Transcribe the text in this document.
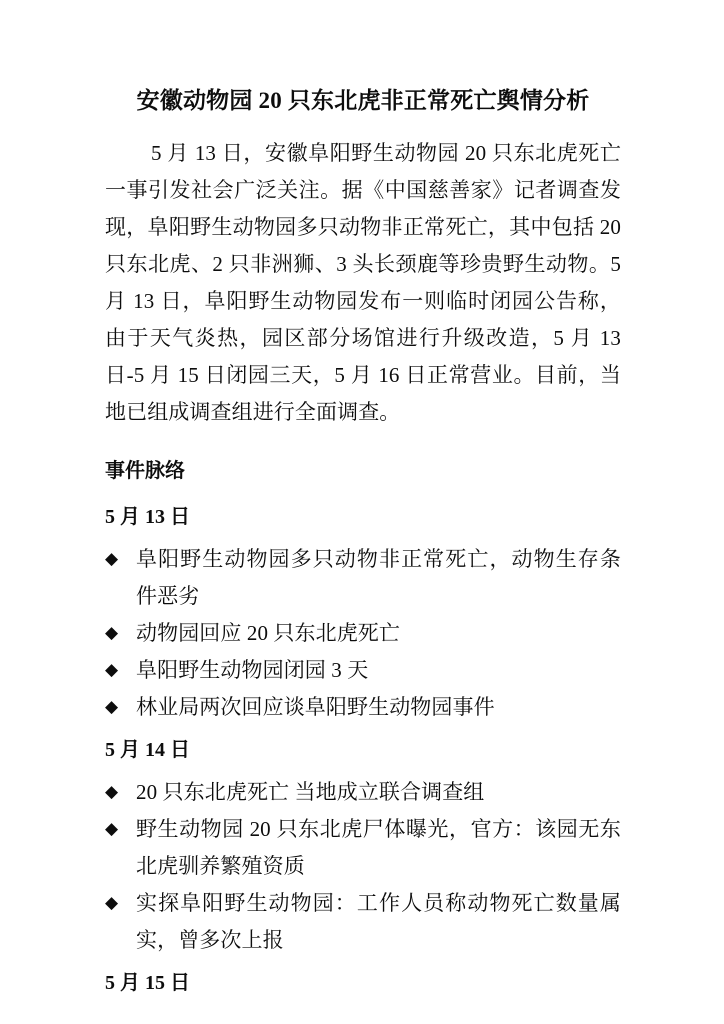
安徽动物园 20 只东北虎非正常死亡舆情分析

5 月 13 日，安徽阜阳野生动物园 20 只东北虎死亡一事引发社会广泛关注。据《中国慈善家》记者调查发现，阜阳野生动物园多只动物非正常死亡，其中包括 20 只东北虎、2 只非洲狮、3 头长颈鹿等珍贵野生动物。5 月 13 日，阜阳野生动物园发布一则临时闭园公告称，由于天气炎热，园区部分场馆进行升级改造，5 月 13 日-5 月 15 日闭园三天，5 月 16 日正常营业。目前，当地已组成调查组进行全面调查。

事件脉络
5 月 13 日
◆ 阜阳野生动物园多只动物非正常死亡，动物生存条件恶劣
◆ 动物园回应 20 只东北虎死亡
◆ 阜阳野生动物园闭园 3 天
◆ 林业局两次回应谈阜阳野生动物园事件
5 月 14 日
◆ 20 只东北虎死亡 当地成立联合调查组
◆ 野生动物园 20 只东北虎尸体曝光，官方：该园无东北虎驯养繁殖资质
◆ 实探阜阳野生动物园：工作人员称动物死亡数量属实，曾多次上报
5 月 15 日
